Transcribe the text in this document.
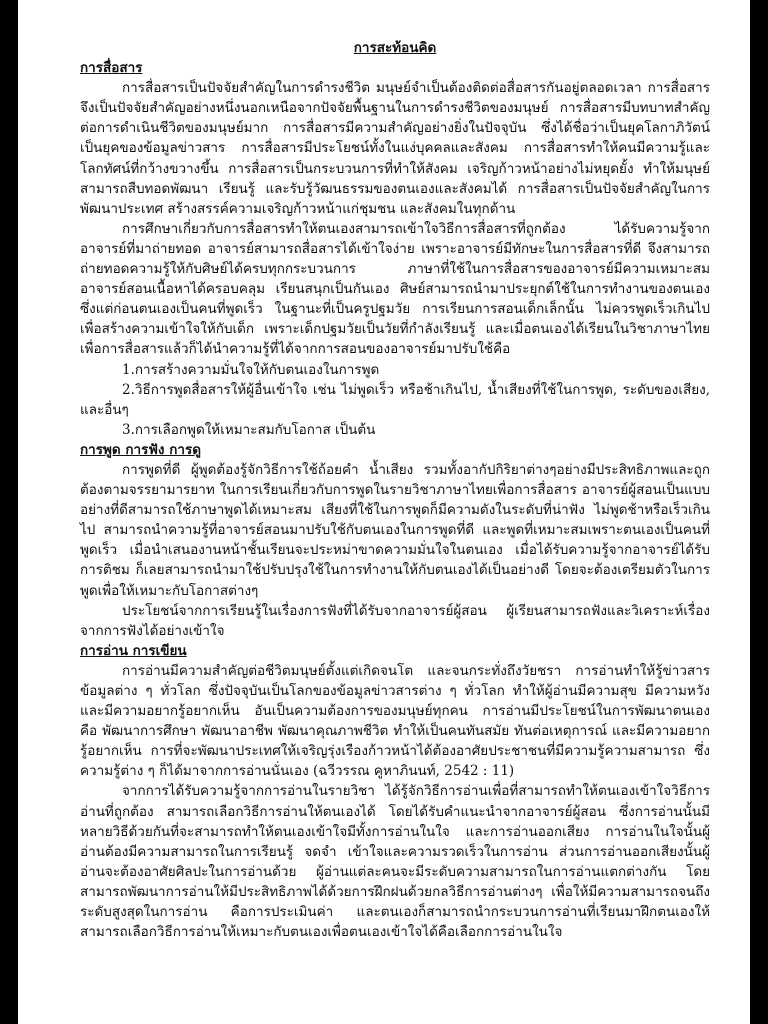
การสะท้อนคิด

การสื่อสาร

การสื่อสารเป็นปัจจัยสำคัญในการดำรงชีวิต มนุษย์จำเป็นต้องติดต่อสื่อสารกันอยู่ตลอดเวลา การสื่อสารจึงเป็นปัจจัยสำคัญอย่างหนึ่งนอกเหนือจากปัจจัยพื้นฐานในการดำรงชีวิตของมนุษย์ การสื่อสารมีบทบาทสำคัญต่อการดำเนินชีวิตของมนุษย์มาก การสื่อสารมีความสำคัญอย่างยิ่งในปัจจุบัน ซึ่งได้ชื่อว่าเป็นยุคโลกาภิวัตน์ เป็นยุคของข้อมูลข่าวสาร การสื่อสารมีประโยชน์ทั้งในแง่บุคคลและสังคม การสื่อสารทำให้คนมีความรู้และโลกทัศน์ที่กว้างขวางขึ้น การสื่อสารเป็นกระบวนการที่ทำให้สังคม เจริญก้าวหน้าอย่างไม่หยุดยั้ง ทำให้มนุษย์สามารถสืบทอดพัฒนา เรียนรู้ และรับรู้วัฒนธรรมของตนเองและสังคมได้ การสื่อสารเป็นปัจจัยสำคัญในการพัฒนาประเทศ สร้างสรรค์ความเจริญก้าวหน้าแก่ชุมชน และสังคมในทุกด้าน

การศึกษาเกี่ยวกับการสื่อสารทำให้ตนเองสามารถเข้าใจวิธีการสื่อสารที่ถูกต้อง ได้รับความรู้จากอาจารย์ที่มาถ่ายทอด อาจารย์สามารถสื่อสารได้เข้าใจง่าย เพราะอาจารย์มีทักษะในการสื่อสารที่ดี จึงสามารถถ่ายทอดความรู้ให้กับศิษย์ได้ครบทุกกระบวนการ ภาษาที่ใช้ในการสื่อสารของอาจารย์มีความเหมาะสม อาจารย์สอนเนื้อหาได้ครอบคลุม เรียนสนุกเป็นกันเอง ศิษย์สามารถนำมาประยุกต์ใช้ในการทำงานของตนเอง ซึ่งแต่ก่อนตนเองเป็นคนที่พูดเร็ว ในฐานะที่เป็นครูปฐมวัย การเรียนการสอนเด็กเล็กนั้น ไม่ควรพูดเร็วเกินไป เพื่อสร้างความเข้าใจให้กับเด็ก เพราะเด็กปฐมวัยเป็นวัยที่กำลังเรียนรู้ และเมื่อตนเองได้เรียนในวิชาภาษาไทยเพื่อการสื่อสารแล้วก็ได้นำความรู้ที่ได้จากการสอนของอาจารย์มาปรับใช้คือ

1.การสร้างความมั่นใจให้กับตนเองในการพูด

2.วิธีการพูดสื่อสารให้ผู้อื่นเข้าใจ เช่น ไม่พูดเร็ว หรือช้าเกินไป, น้ำเสียงที่ใช้ในการพูด, ระดับของเสียง, และอื่นๆ

3.การเลือกพูดให้เหมาะสมกับโอกาส เป็นต้น

การพูด การฟัง การดู

การพูดที่ดี ผู้พูดต้องรู้จักวิธีการใช้ถ้อยคำ น้ำเสียง รวมทั้งอากัปกิริยาต่างๆอย่างมีประสิทธิภาพและถูกต้องตามจรรยามารยาท ในการเรียนเกี่ยวกับการพูดในรายวิชาภาษาไทยเพื่อการสื่อสาร อาจารย์ผู้สอนเป็นแบบอย่างที่ดีสามารถใช้ภาษาพูดได้เหมาะสม เสียงที่ใช้ในการพูดก็มีความดังในระดับที่น่าฟัง ไม่พูดช้าหรือเร็วเกินไป สามารถนำความรู้ที่อาจารย์สอนมาปรับใช้กับตนเองในการพูดที่ดี และพูดที่เหมาะสมเพราะตนเองเป็นคนที่พูดเร็ว เมื่อนำเสนองานหน้าชั้นเรียนจะประหม่าขาดความมั่นใจในตนเอง เมื่อได้รับความรู้จากอาจารย์ได้รับการติชม ก็เลยสามารถนำมาใช้ปรับปรุงใช้ในการทำงานให้กับตนเองได้เป็นอย่างดี โดยจะต้องเตรียมตัวในการพูดเพื่อให้เหมาะกับโอกาสต่างๆ

ประโยชน์จากการเรียนรู้ในเรื่องการฟังที่ได้รับจากอาจารย์ผู้สอน ผู้เรียนสามารถฟังและวิเคราะห์เรื่องจากการฟังได้อย่างเข้าใจ

การอ่าน การเขียน

การอ่านมีความสำคัญต่อชีวิตมนุษย์ตั้งแต่เกิดจนโต และจนกระทั่งถึงวัยชรา การอ่านทำให้รู้ข่าวสารข้อมูลต่าง ๆ ทั่วโลก ซึ่งปัจจุบันเป็นโลกของข้อมูลข่าวสารต่าง ๆ ทั่วโลก ทำให้ผู้อ่านมีความสุข มีความหวัง และมีความอยากรู้อยากเห็น อันเป็นความต้องการของมนุษย์ทุกคน การอ่านมีประโยชน์ในการพัฒนาตนเอง คือ พัฒนาการศึกษา พัฒนาอาชีพ พัฒนาคุณภาพชีวิต ทำให้เป็นคนทันสมัย ทันต่อเหตุการณ์ และมีความอยากรู้อยากเห็น การที่จะพัฒนาประเทศให้เจริญรุ่งเรืองก้าวหน้าได้ต้องอาศัยประชาชนที่มีความรู้ความสามารถ ซึ่งความรู้ต่าง ๆ ก็ได้มาจากการอ่านนั่นเอง (ฉวีวรรณ คูหาภินนท์, 2542 : 11)

จากการได้รับความรู้จากการอ่านในรายวิชา ได้รู้จักวิธีการอ่านเพื่อที่สามารถทำให้ตนเองเข้าใจวิธีการอ่านที่ถูกต้อง สามารถเลือกวิธีการอ่านให้ตนเองได้ โดยได้รับคำแนะนำจากอาจารย์ผู้สอน ซึ่งการอ่านนั้นมีหลายวิธีด้วยกันที่จะสามารถทำให้ตนเองเข้าใจมีทั้งการอ่านในใจ และการอ่านออกเสียง การอ่านในใจนั้นผู้อ่านต้องมีความสามารถในการเรียนรู้ จดจำ เข้าใจและความรวดเร็วในการอ่าน ส่วนการอ่านออกเสียงนั้นผู้อ่านจะต้องอาศัยศิลปะในการอ่านด้วย ผู้อ่านแต่ละคนจะมีระดับความสามารถในการอ่านแตกต่างกัน โดยสามารถพัฒนาการอ่านให้มีประสิทธิภาพได้ด้วยการฝึกฝนด้วยกลวิธีการอ่านต่างๆ เพื่อให้มีความสามารถจนถึงระดับสูงสุดในการอ่าน คือการประเมินค่า และตนเองก็สามารถนำกระบวนการอ่านที่เรียนมาฝึกตนเองให้สามารถเลือกวิธีการอ่านให้เหมาะกับตนเองเพื่อตนเองเข้าใจได้คือเลือกการอ่านในใจ
